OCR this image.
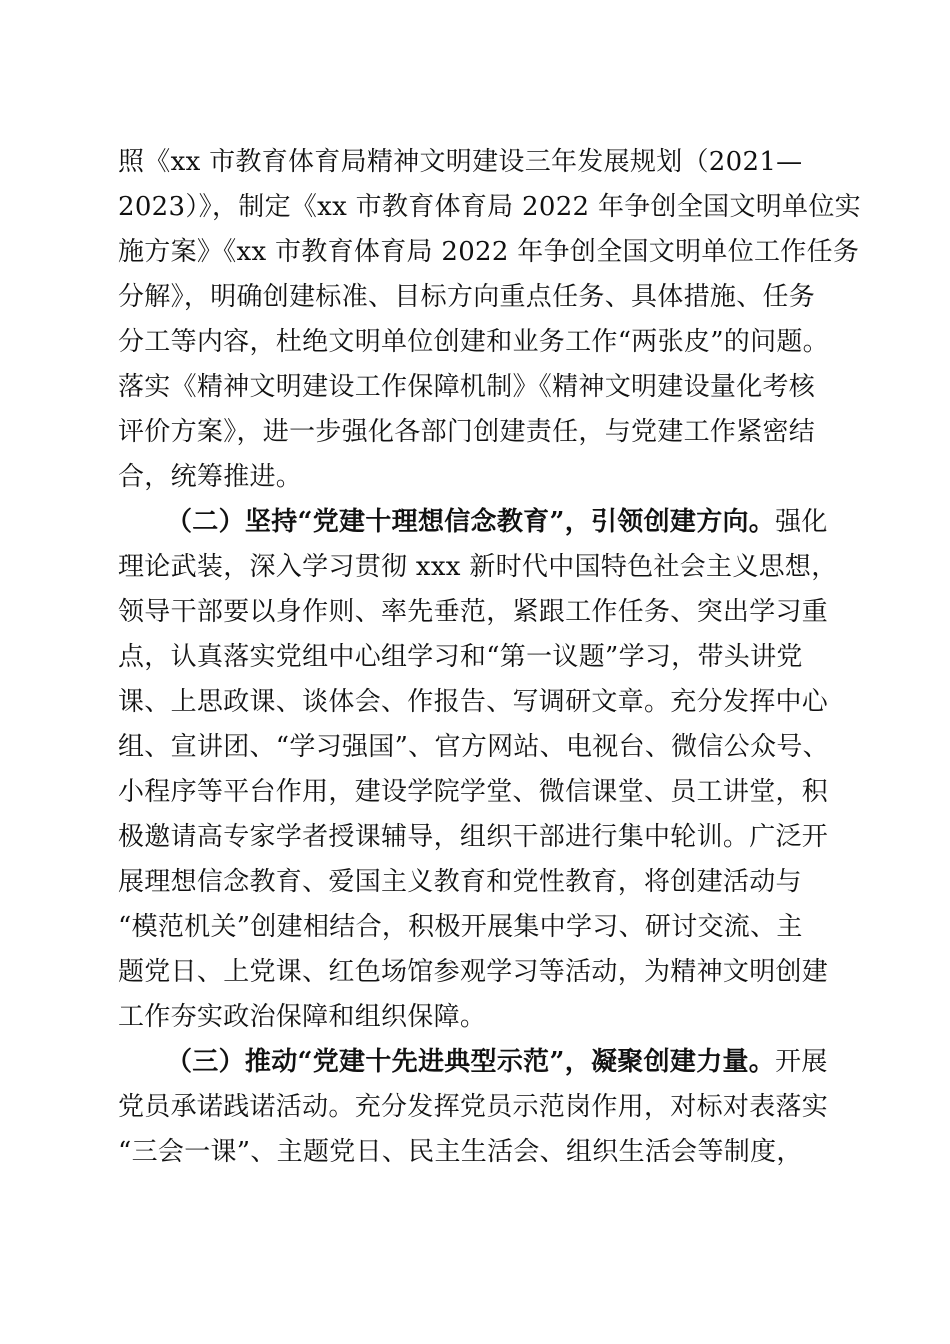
照《xx 市教育体育局精神文明建设三年发展规划（2021—
2023）》，制定《xx 市教育体育局 2022 年争创全国文明单位实
施方案》《xx 市教育体育局 2022 年争创全国文明单位工作任务
分解》，明确创建标准、目标方向重点任务、具体措施、任务
分工等内容，杜绝文明单位创建和业务工作“两张皮”的问题。
落实《精神文明建设工作保障机制》《精神文明建设量化考核
评价方案》，进一步强化各部门创建责任，与党建工作紧密结
合，统筹推进。
（二）坚持“党建十理想信念教育”，引领创建方向。强化
理论武装，深入学习贯彻 xxx 新时代中国特色社会主义思想，
领导干部要以身作则、率先垂范，紧跟工作任务、突出学习重
点，认真落实党组中心组学习和“第一议题”学习，带头讲党
课、上思政课、谈体会、作报告、写调研文章。充分发挥中心
组、宣讲团、“学习强国”、官方网站、电视台、微信公众号、
小程序等平台作用，建设学院学堂、微信课堂、员工讲堂，积
极邀请高专家学者授课辅导，组织干部进行集中轮训。广泛开
展理想信念教育、爱国主义教育和党性教育，将创建活动与
“模范机关”创建相结合，积极开展集中学习、研讨交流、主
题党日、上党课、红色场馆参观学习等活动，为精神文明创建
工作夯实政治保障和组织保障。
（三）推动“党建十先进典型示范”，凝聚创建力量。开展
党员承诺践诺活动。充分发挥党员示范岗作用，对标对表落实
“三会一课”、主题党日、民主生活会、组织生活会等制度，
